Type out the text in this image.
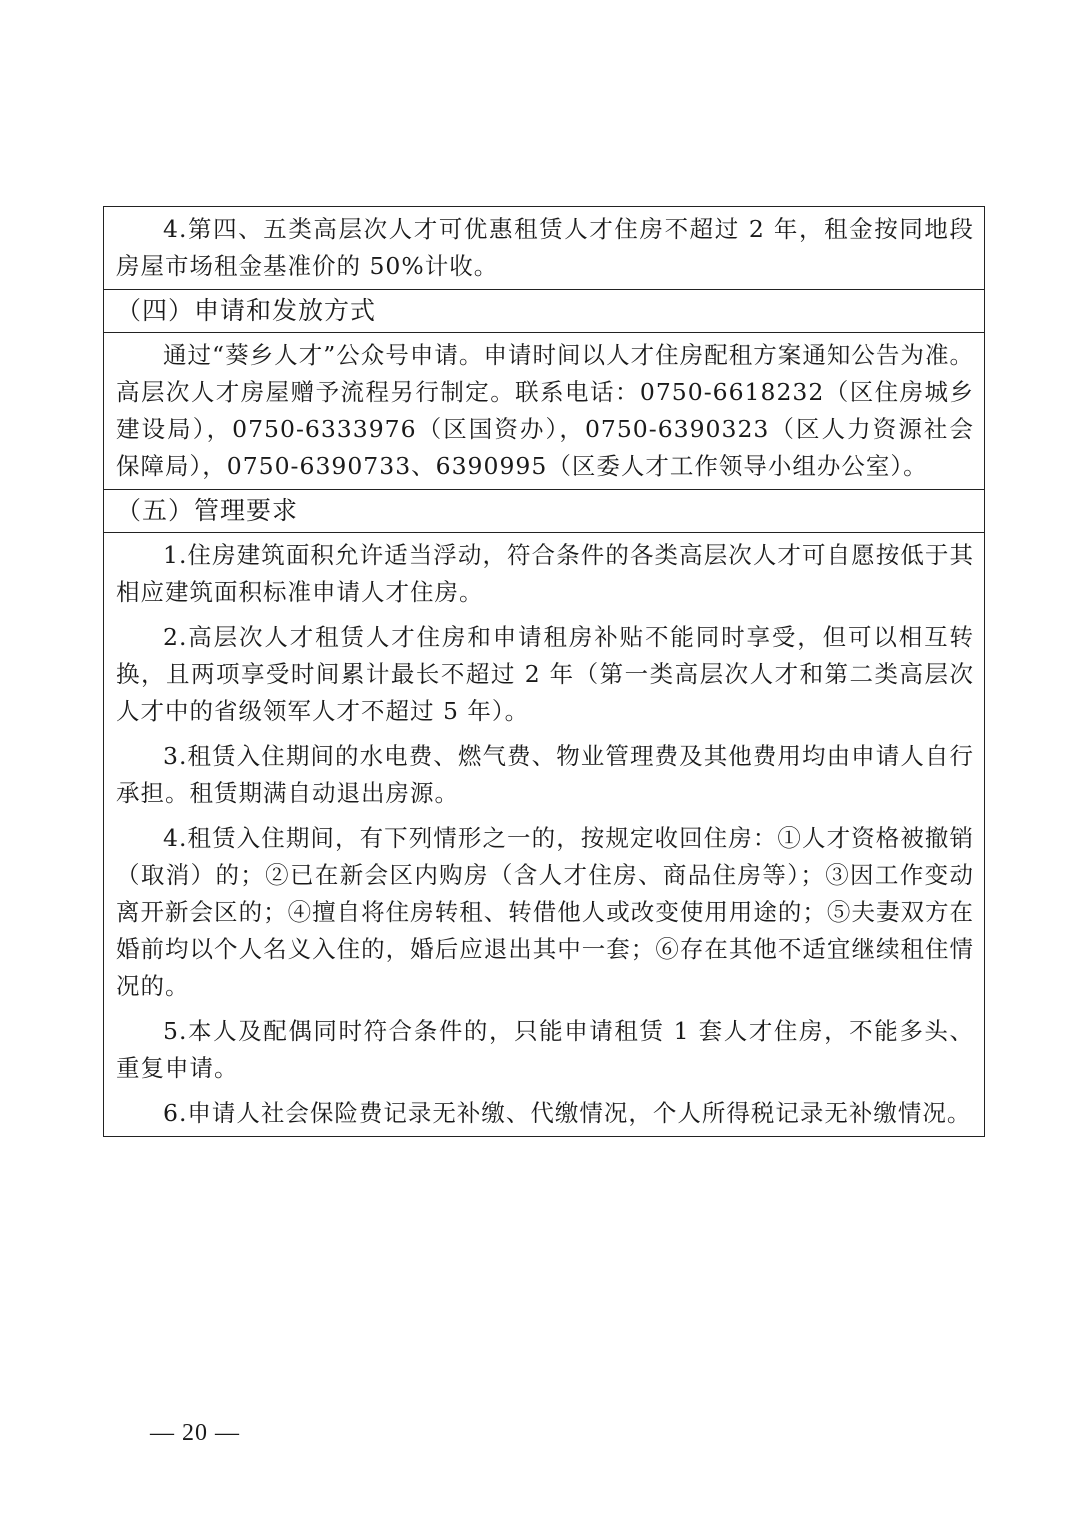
4.第四、五类高层次人才可优惠租赁人才住房不超过 2 年，租金按同地段房屋市场租金基准价的 50%计收。

（四）申请和发放方式

通过“葵乡人才”公众号申请。申请时间以人才住房配租方案通知公告为准。高层次人才房屋赠予流程另行制定。联系电话：0750-6618232（区住房城乡建设局），0750-6333976（区国资办），0750-6390323（区人力资源社会保障局），0750-6390733、6390995（区委人才工作领导小组办公室）。

（五）管理要求

1.住房建筑面积允许适当浮动，符合条件的各类高层次人才可自愿按低于其相应建筑面积标准申请人才住房。

2.高层次人才租赁人才住房和申请租房补贴不能同时享受，但可以相互转换，且两项享受时间累计最长不超过 2 年（第一类高层次人才和第二类高层次人才中的省级领军人才不超过 5 年）。

3.租赁入住期间的水电费、燃气费、物业管理费及其他费用均由申请人自行承担。租赁期满自动退出房源。

4.租赁入住期间，有下列情形之一的，按规定收回住房：①人才资格被撤销（取消）的；②已在新会区内购房（含人才住房、商品住房等）；③因工作变动离开新会区的；④擅自将住房转租、转借他人或改变使用用途的；⑤夫妻双方在婚前均以个人名义入住的，婚后应退出其中一套；⑥存在其他不适宜继续租住情况的。

5.本人及配偶同时符合条件的，只能申请租赁 1 套人才住房，不能多头、重复申请。

6.申请人社会保险费记录无补缴、代缴情况，个人所得税记录无补缴情况。

— 20 —
